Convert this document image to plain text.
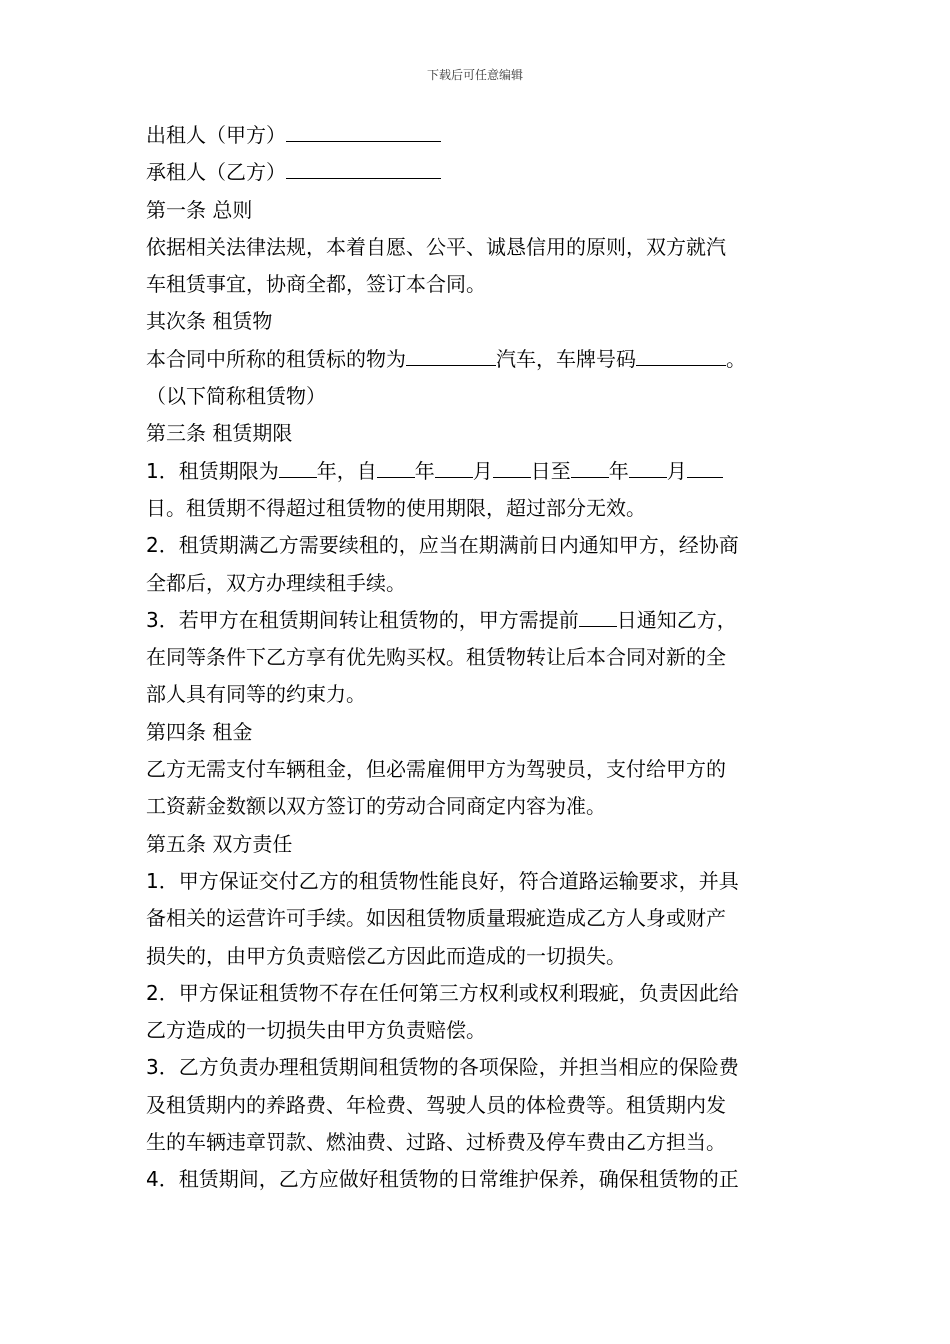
下载后可任意编辑
出租人（甲方）
承租人（乙方）
第一条 总则
依据相关法律法规，本着自愿、公平、诚恳信用的原则，双方就汽
车租赁事宜，协商全都，签订本合同。
其次条 租赁物
本合同中所称的租赁标的物为	汽车，车牌号码	。
（以下简称租赁物）
第三条 租赁期限
1．租赁期限为 年，自 年 月 日至 年 月
日。租赁期不得超过租赁物的使用期限，超过部分无效。
2．租赁期满乙方需要续租的，应当在期满前日内通知甲方，经协商
全都后，双方办理续租手续。
3．若甲方在租赁期间转让租赁物的，甲方需提前 日通知乙方，
在同等条件下乙方享有优先购买权。租赁物转让后本合同对新的全
部人具有同等的约束力。
第四条 租金
乙方无需支付车辆租金，但必需雇佣甲方为驾驶员，支付给甲方的
工资薪金数额以双方签订的劳动合同商定内容为准。
第五条 双方责任
1．甲方保证交付乙方的租赁物性能良好，符合道路运输要求，并具
备相关的运营许可手续。如因租赁物质量瑕疵造成乙方人身或财产
损失的，由甲方负责赔偿乙方因此而造成的一切损失。
2．甲方保证租赁物不存在任何第三方权利或权利瑕疵，负责因此给
乙方造成的一切损失由甲方负责赔偿。
3．乙方负责办理租赁期间租赁物的各项保险，并担当相应的保险费
及租赁期内的养路费、年检费、驾驶人员的体检费等。租赁期内发
生的车辆违章罚款、燃油费、过路、过桥费及停车费由乙方担当。
4．租赁期间，乙方应做好租赁物的日常维护保养，确保租赁物的正
